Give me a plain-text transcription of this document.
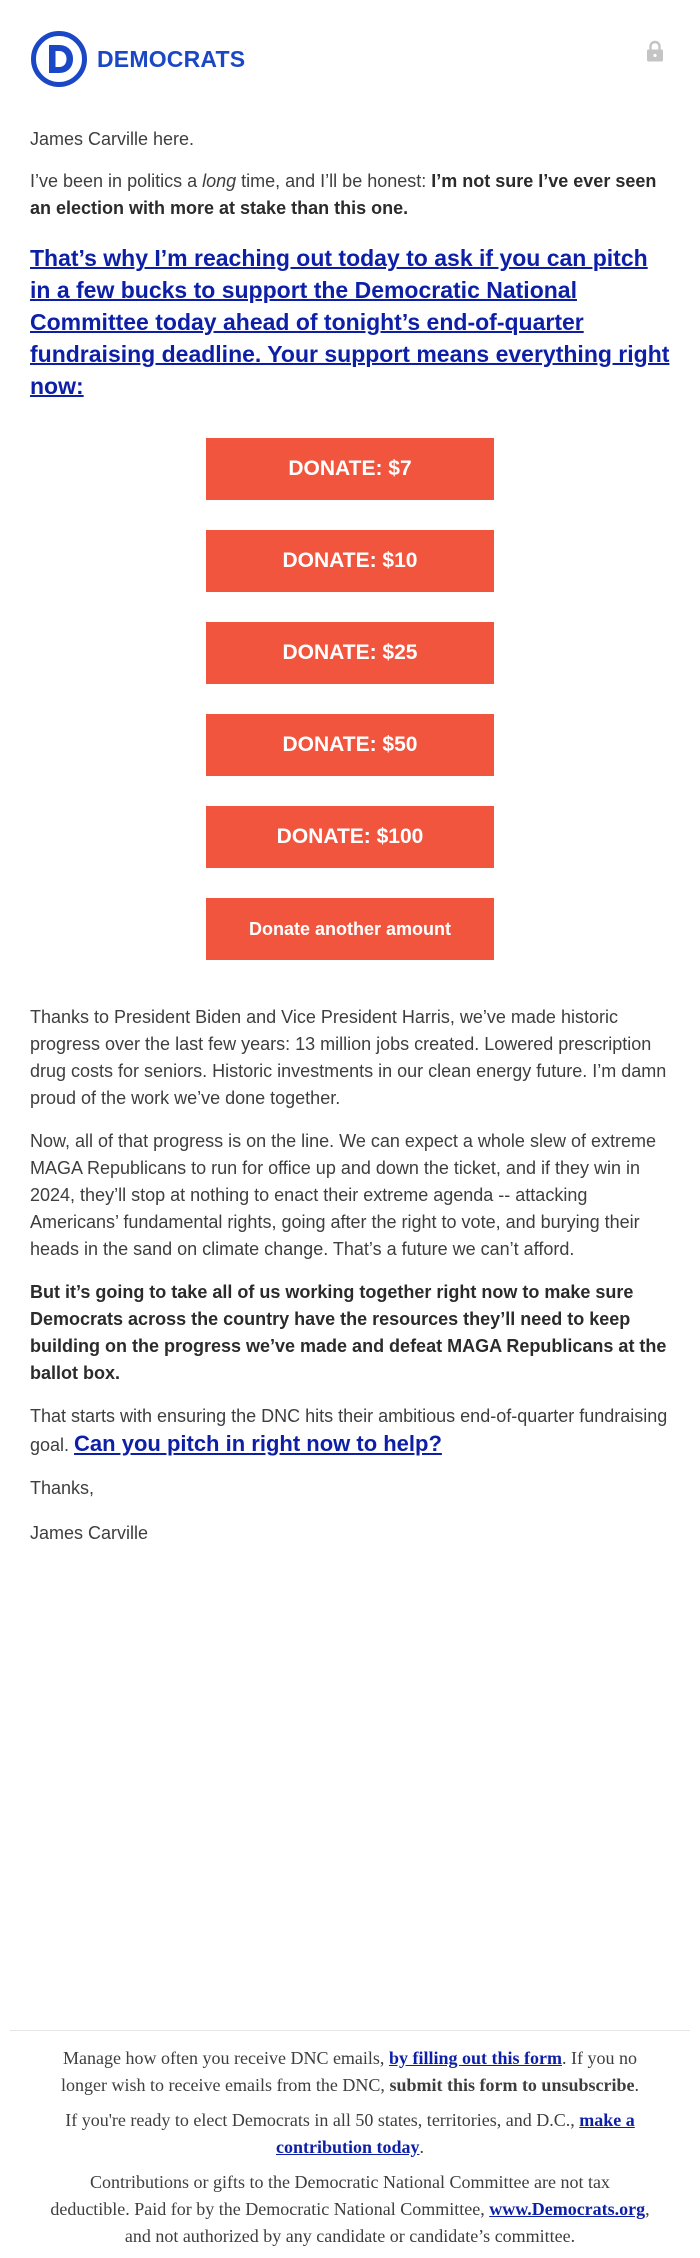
DEMOCRATS

James Carville here.

I’ve been in politics a long time, and I’ll be honest: I’m not sure I’ve ever seen an election with more at stake than this one.

That’s why I’m reaching out today to ask if you can pitch in a few bucks to support the Democratic National Committee today ahead of tonight’s end-of-quarter fundraising deadline. Your support means everything right now:
DONATE: $7
DONATE: $10
DONATE: $25
DONATE: $50
DONATE: $100
Donate another amount

Thanks to President Biden and Vice President Harris, we’ve made historic progress over the last few years: 13 million jobs created. Lowered prescription drug costs for seniors. Historic investments in our clean energy future. I’m damn proud of the work we’ve done together.

Now, all of that progress is on the line. We can expect a whole slew of extreme MAGA Republicans to run for office up and down the ticket, and if they win in 2024, they’ll stop at nothing to enact their extreme agenda -- attacking Americans’ fundamental rights, going after the right to vote, and burying their heads in the sand on climate change. That’s a future we can’t afford.

But it’s going to take all of us working together right now to make sure Democrats across the country have the resources they’ll need to keep building on the progress we’ve made and defeat MAGA Republicans at the ballot box.

That starts with ensuring the DNC hits their ambitious end-of-quarter fundraising goal. Can you pitch in right now to help?

Thanks,

James Carville

Manage how often you receive DNC emails, by filling out this form. If you no longer wish to receive emails from the DNC, submit this form to unsubscribe.

If you're ready to elect Democrats in all 50 states, territories, and D.C., make a contribution today.

Contributions or gifts to the Democratic National Committee are not tax deductible. Paid for by the Democratic National Committee, www.Democrats.org, and not authorized by any candidate or candidate’s committee.
